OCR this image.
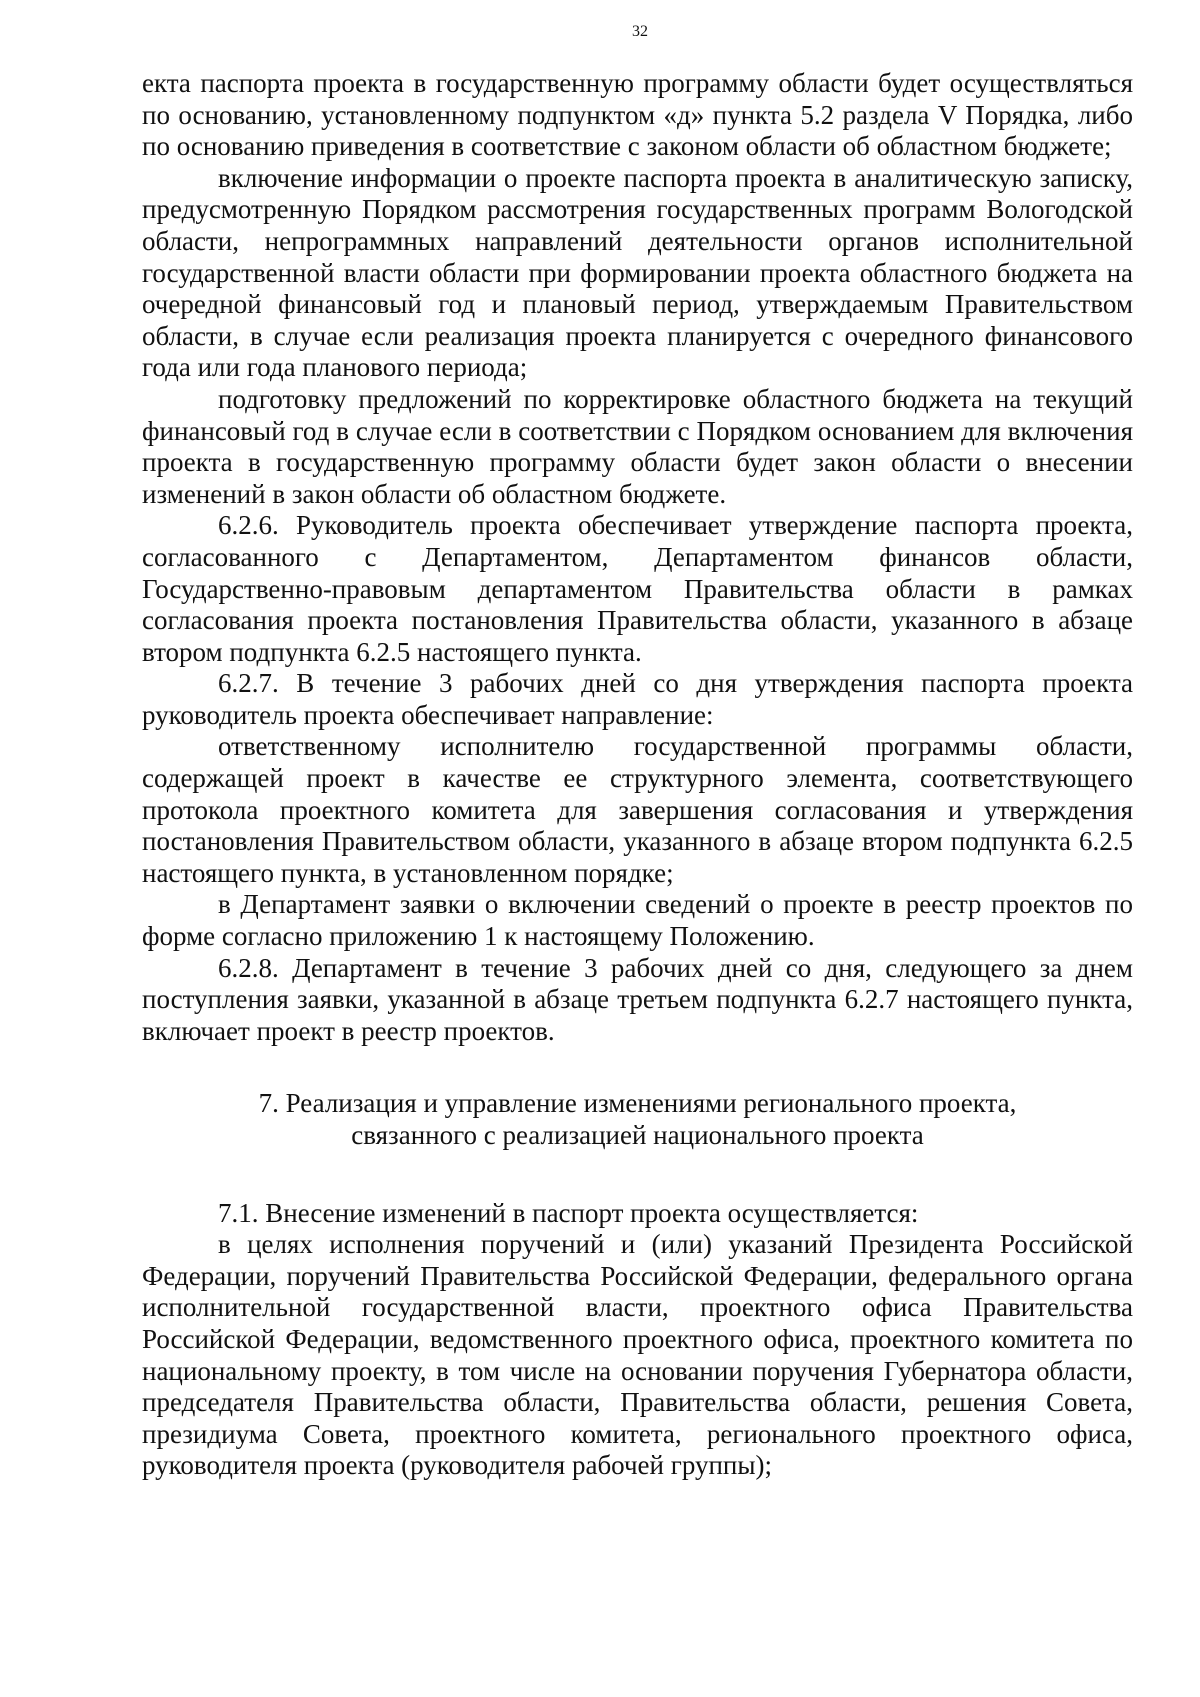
32

екта паспорта проекта в государственную программу области будет осуществляться по основанию, установленному подпунктом «д» пункта 5.2 раздела V Порядка, либо по основанию приведения в соответствие с законом области об областном бюджете;

включение информации о проекте паспорта проекта в аналитическую записку, предусмотренную Порядком рассмотрения государственных программ Вологодской области, непрограммных направлений деятельности органов исполнительной государственной власти области при формировании проекта областного бюджета на очередной финансовый год и плановый период, утверждаемым Правительством области, в случае если реализация проекта планируется с очередного финансового года или года планового периода;

подготовку предложений по корректировке областного бюджета на текущий финансовый год в случае если в соответствии с Порядком основанием для включения проекта в государственную программу области будет закон области о внесении изменений в закон области об областном бюджете.

6.2.6. Руководитель проекта обеспечивает утверждение паспорта проекта, согласованного с Департаментом, Департаментом финансов области, Государственно-правовым департаментом Правительства области в рамках согласования проекта постановления Правительства области, указанного в абзаце втором подпункта 6.2.5 настоящего пункта.

6.2.7. В течение 3 рабочих дней со дня утверждения паспорта проекта руководитель проекта обеспечивает направление:

ответственному исполнителю государственной программы области, содержащей проект в качестве ее структурного элемента, соответствующего протокола проектного комитета для завершения согласования и утверждения постановления Правительством области, указанного в абзаце втором подпункта 6.2.5 настоящего пункта, в установленном порядке;

в Департамент заявки о включении сведений о проекте в реестр проектов по форме согласно приложению 1 к настоящему Положению.

6.2.8. Департамент в течение 3 рабочих дней со дня, следующего за днем поступления заявки, указанной в абзаце третьем подпункта 6.2.7 настоящего пункта, включает проект в реестр проектов.

7. Реализация и управление изменениями регионального проекта,
связанного с реализацией национального проекта

7.1. Внесение изменений в паспорт проекта осуществляется:

в целях исполнения поручений и (или) указаний Президента Российской Федерации, поручений Правительства Российской Федерации, федерального органа исполнительной государственной власти, проектного офиса Правительства Российской Федерации, ведомственного проектного офиса, проектного комитета по национальному проекту, в том числе на основании поручения Губернатора области, председателя Правительства области, Правительства области, решения Совета, президиума Совета, проектного комитета, регионального проектного офиса, руководителя проекта (руководителя рабочей группы);
